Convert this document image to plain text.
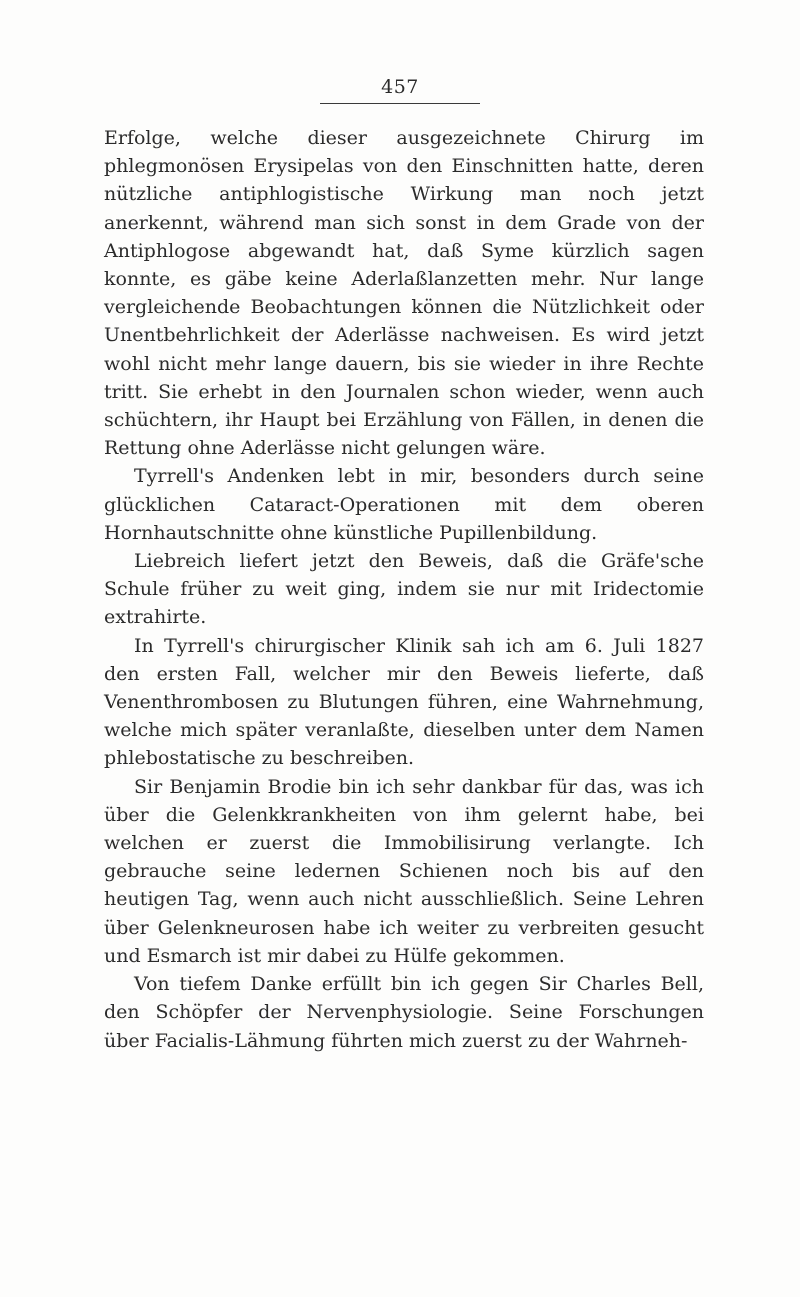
457

Erfolge, welche dieser ausgezeichnete Chirurg im phlegmonösen Erysipelas von den Einschnitten hatte, deren nützliche antiphlogistische Wirkung man noch jetzt anerkennt, während man sich sonst in dem Grade von der Antiphlogose abgewandt hat, daß Syme kürzlich sagen konnte, es gäbe keine Aderlaßlanzetten mehr. Nur lange vergleichende Beobachtungen können die Nützlichkeit oder Unentbehrlichkeit der Aderlässe nachweisen. Es wird jetzt wohl nicht mehr lange dauern, bis sie wieder in ihre Rechte tritt. Sie erhebt in den Journalen schon wieder, wenn auch schüchtern, ihr Haupt bei Erzählung von Fällen, in denen die Rettung ohne Aderlässe nicht gelungen wäre.

Tyrrell's Andenken lebt in mir, besonders durch seine glücklichen Cataract-Operationen mit dem oberen Hornhautschnitte ohne künstliche Pupillenbildung.

Liebreich liefert jetzt den Beweis, daß die Gräfe'sche Schule früher zu weit ging, indem sie nur mit Iridectomie extrahirte.

In Tyrrell's chirurgischer Klinik sah ich am 6. Juli 1827 den ersten Fall, welcher mir den Beweis lieferte, daß Venenthrombosen zu Blutungen führen, eine Wahrnehmung, welche mich später veranlaßte, dieselben unter dem Namen phlebostatische zu beschreiben.

Sir Benjamin Brodie bin ich sehr dankbar für das, was ich über die Gelenkkrankheiten von ihm gelernt habe, bei welchen er zuerst die Immobilisirung verlangte. Ich gebrauche seine ledernen Schienen noch bis auf den heutigen Tag, wenn auch nicht ausschließlich. Seine Lehren über Gelenkneurosen habe ich weiter zu verbreiten gesucht und Esmarch ist mir dabei zu Hülfe gekommen.

Von tiefem Danke erfüllt bin ich gegen Sir Charles Bell, den Schöpfer der Nervenphysiologie. Seine Forschungen über Facialis-Lähmung führten mich zuerst zu der Wahrneh-
